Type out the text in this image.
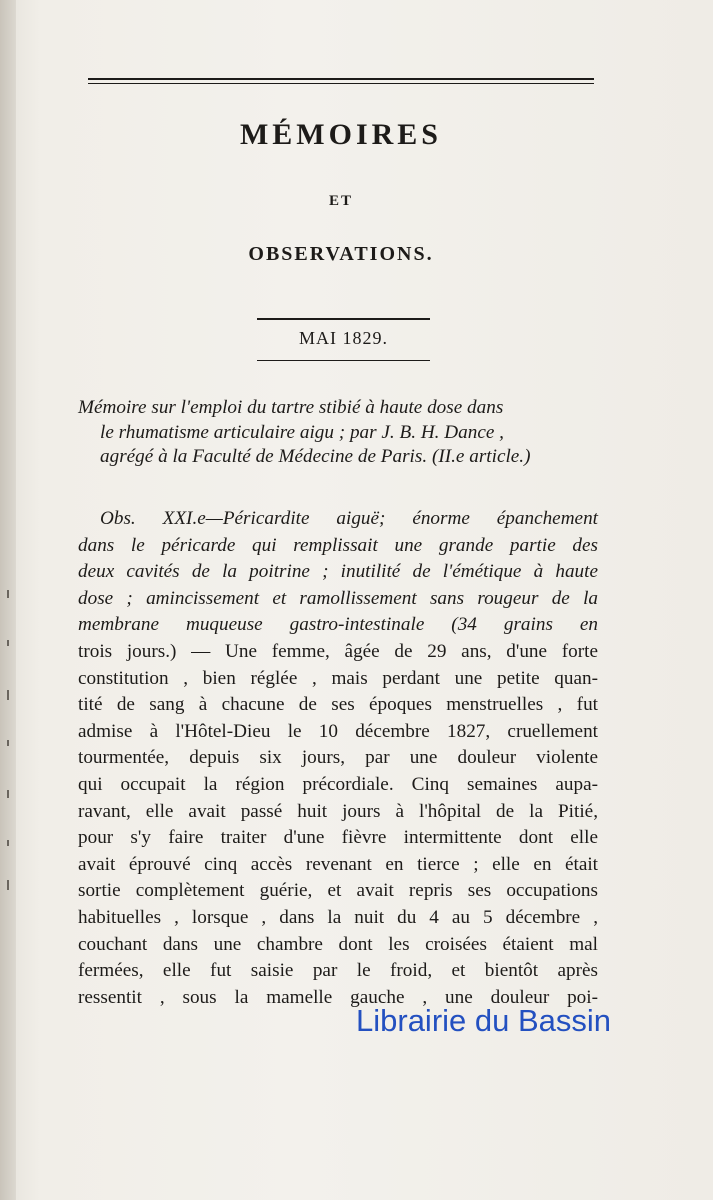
MÉMOIRES
ET
OBSERVATIONS.
MAI 1829.
Mémoire sur l'emploi du tartre stibié à haute dose dans
le rhumatisme articulaire aigu ; par J. B. H. Dance ,
agrégé à la Faculté de Médecine de Paris. (II.e article.)
Obs. XXI.e—Péricardite aiguë; énorme épanchement
dans le péricarde qui remplissait une grande partie des
deux cavités de la poitrine ; inutilité de l'émétique à haute
dose ; amincissement et ramollissement sans rougeur de la
membrane muqueuse gastro-intestinale (34 grains en
trois jours.) — Une femme, âgée de 29 ans, d'une forte
constitution , bien réglée , mais perdant une petite quan-
tité de sang à chacune de ses époques menstruelles , fut
admise à l'Hôtel-Dieu le 10 décembre 1827, cruellement
tourmentée, depuis six jours, par une douleur violente
qui occupait la région précordiale. Cinq semaines aupa-
ravant, elle avait passé huit jours à l'hôpital de la Pitié,
pour s'y faire traiter d'une fièvre intermittente dont elle
avait éprouvé cinq accès revenant en tierce ; elle en était
sortie complètement guérie, et avait repris ses occupations
habituelles , lorsque , dans la nuit du 4 au 5 décembre ,
couchant dans une chambre dont les croisées étaient mal
fermées, elle fut saisie par le froid, et bientôt après
ressentit , sous la mamelle gauche , une douleur poi-
Librairie du Bassin
